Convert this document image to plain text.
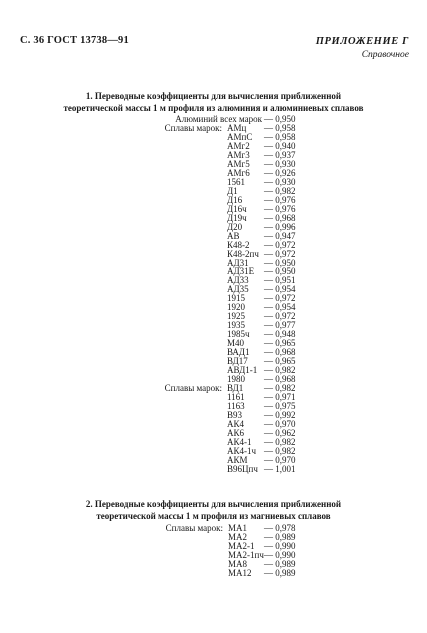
С. 36 ГОСТ 13738—91	ПРИЛОЖЕНИЕ Г
Справочное
1. Переводные коэффициенты для вычисления приближенной
теоретической массы 1 м профиля из алюминия и алюминиевых сплавов
Алюминий всех марок — 0,950
Сплавы марок: АМц — 0,958
АМпС — 0,958
АМг2 — 0,940
АМг3 — 0,937
АМг5 — 0,930
АМг6 — 0,926
1561 — 0,930
Д1	— 0,982
Д16 — 0,976
Д16ч — 0,976
Д19ч — 0,968
Д20 — 0,996
АВ	— 0,947
К48-2 — 0,972
К48-2пч — 0,972
АД31 — 0,950
АД31Е — 0,950
АД33 — 0,951
АД35 — 0,954
1915 — 0,972
1920 — 0,954
1925 — 0,972
1935 — 0,977
1985ч — 0,948
М40 — 0,965
ВАД1 — 0,968
ВД17 — 0,965
АВД1-1 — 0,982
1980 — 0,968
Сплавы марок: ВД1 — 0,982
1161 — 0,971
1163 — 0,975
В93 — 0,992
АК4 — 0,970
АК6 — 0,962
АК4-1 — 0,982
АК4-1ч — 0,982
АКМ — 0,970
В96Цпч — 1,001
2. Переводные коэффициенты для вычисления приближенной
теоретической массы 1 м профиля из магниевых сплавов
Сплавы марок: МА1 — 0,978
МА2 — 0,989
МА2-1 — 0,990
МА2-1пч — 0,990
МА8 — 0,989
МА12 — 0,989
